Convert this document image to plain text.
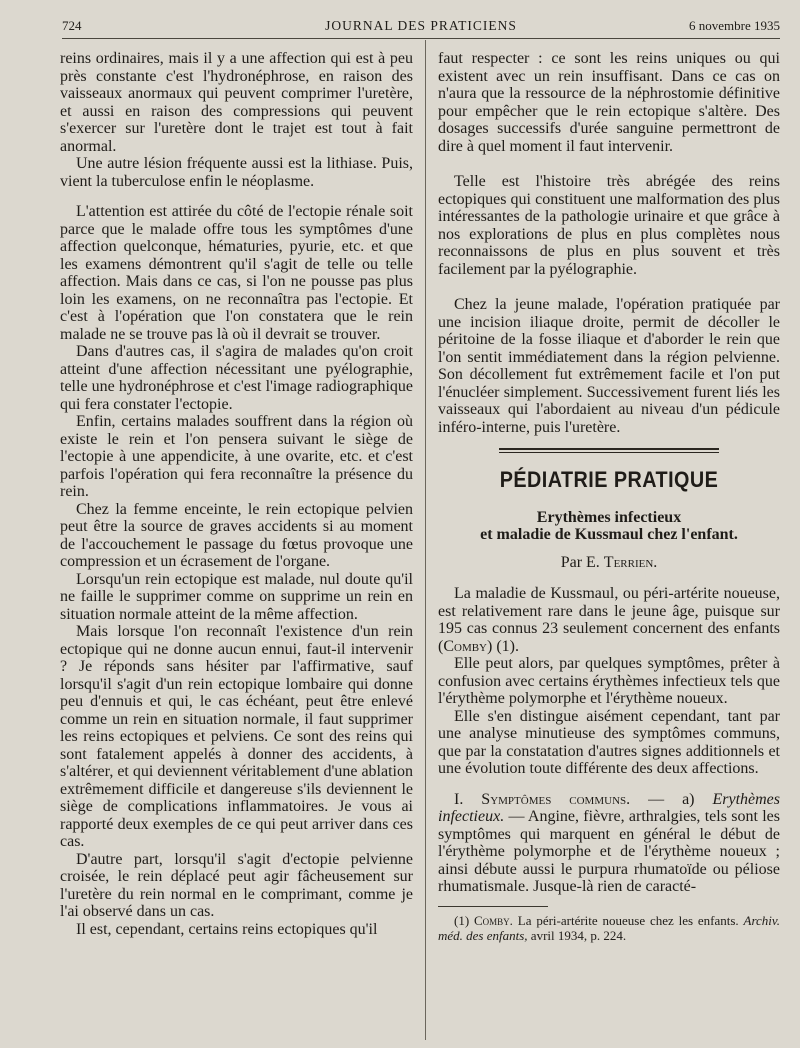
724	JOURNAL DES PRATICIENS	6 novembre 1935

reins ordinaires, mais il y a une affection qui est à peu près constante c'est l'hydronéphrose, en raison des vaisseaux anormaux qui peuvent comprimer l'uretère, et aussi en raison des compressions qui peuvent s'exercer sur l'uretère dont le trajet est tout à fait anormal.

Une autre lésion fréquente aussi est la lithiase. Puis, vient la tuberculose enfin le néoplasme.

L'attention est attirée du côté de l'ectopie rénale soit parce que le malade offre tous les symptômes d'une affection quelconque, hématuries, pyurie, etc. et que les examens démontrent qu'il s'agit de telle ou telle affection. Mais dans ce cas, si l'on ne pousse pas plus loin les examens, on ne reconnaîtra pas l'ectopie. Et c'est à l'opération que l'on constatera que le rein malade ne se trouve pas là où il devrait se trouver.

Dans d'autres cas, il s'agira de malades qu'on croit atteint d'une affection nécessitant une pyélographie, telle une hydronéphrose et c'est l'image radiographique qui fera constater l'ectopie.

Enfin, certains malades souffrent dans la région où existe le rein et l'on pensera suivant le siège de l'ectopie à une appendicite, à une ovarite, etc. et c'est parfois l'opération qui fera reconnaître la présence du rein.

Chez la femme enceinte, le rein ectopique pelvien peut être la source de graves accidents si au moment de l'accouchement le passage du fœtus provoque une compression et un écrasement de l'organe.

Lorsqu'un rein ectopique est malade, nul doute qu'il ne faille le supprimer comme on supprime un rein en situation normale atteint de la même affection.

Mais lorsque l'on reconnaît l'existence d'un rein ectopique qui ne donne aucun ennui, faut-il intervenir ? Je réponds sans hésiter par l'affirmative, sauf lorsqu'il s'agit d'un rein ectopique lombaire qui donne peu d'ennuis et qui, le cas échéant, peut être enlevé comme un rein en situation normale, il faut supprimer les reins ectopiques et pelviens. Ce sont des reins qui sont fatalement appelés à donner des accidents, à s'altérer, et qui deviennent véritablement d'une ablation extrêmement difficile et dangereuse s'ils deviennent le siège de complications inflammatoires. Je vous ai rapporté deux exemples de ce qui peut arriver dans ces cas.

D'autre part, lorsqu'il s'agit d'ectopie pelvienne croisée, le rein déplacé peut agir fâcheusement sur l'uretère du rein normal en le comprimant, comme je l'ai observé dans un cas.

Il est, cependant, certains reins ectopiques qu'il

faut respecter : ce sont les reins uniques ou qui existent avec un rein insuffisant. Dans ce cas on n'aura que la ressource de la néphrostomie définitive pour empêcher que le rein ectopique s'altère. Des dosages successifs d'urée sanguine permettront de dire à quel moment il faut intervenir.

Telle est l'histoire très abrégée des reins ectopiques qui constituent une malformation des plus intéressantes de la pathologie urinaire et que grâce à nos explorations de plus en plus complètes nous reconnaissons de plus en plus souvent et très facilement par la pyélographie.

Chez la jeune malade, l'opération pratiquée par une incision iliaque droite, permit de décoller le péritoine de la fosse iliaque et d'aborder le rein que l'on sentit immédiatement dans la région pelvienne. Son décollement fut extrêmement facile et l'on put l'énucléer simplement. Successivement furent liés les vaisseaux qui l'abordaient au niveau d'un pédicule inféro-interne, puis l'uretère.

PÉDIATRIE PRATIQUE
Erythèmes infectieux
et maladie de Kussmaul chez l'enfant.
Par E. Terrien.

La maladie de Kussmaul, ou péri-artérite noueuse, est relativement rare dans le jeune âge, puisque sur 195 cas connus 23 seulement concernent des enfants (Comby) (1).

Elle peut alors, par quelques symptômes, prêter à confusion avec certains érythèmes infectieux tels que l'érythème polymorphe et l'érythème noueux.

Elle s'en distingue aisément cependant, tant par une analyse minutieuse des symptômes communs, que par la constatation d'autres signes additionnels et une évolution toute différente des deux affections.

I. Symptômes communs. — a) Erythèmes infectieux. — Angine, fièvre, arthralgies, tels sont les symptômes qui marquent en général le début de l'érythème polymorphe et de l'érythème noueux ; ainsi débute aussi le purpura rhumatoïde ou péliose rhumatismale. Jusque-là rien de caracté-

(1) Comby. La péri-artérite noueuse chez les enfants. Archiv. méd. des enfants, avril 1934, p. 224.
